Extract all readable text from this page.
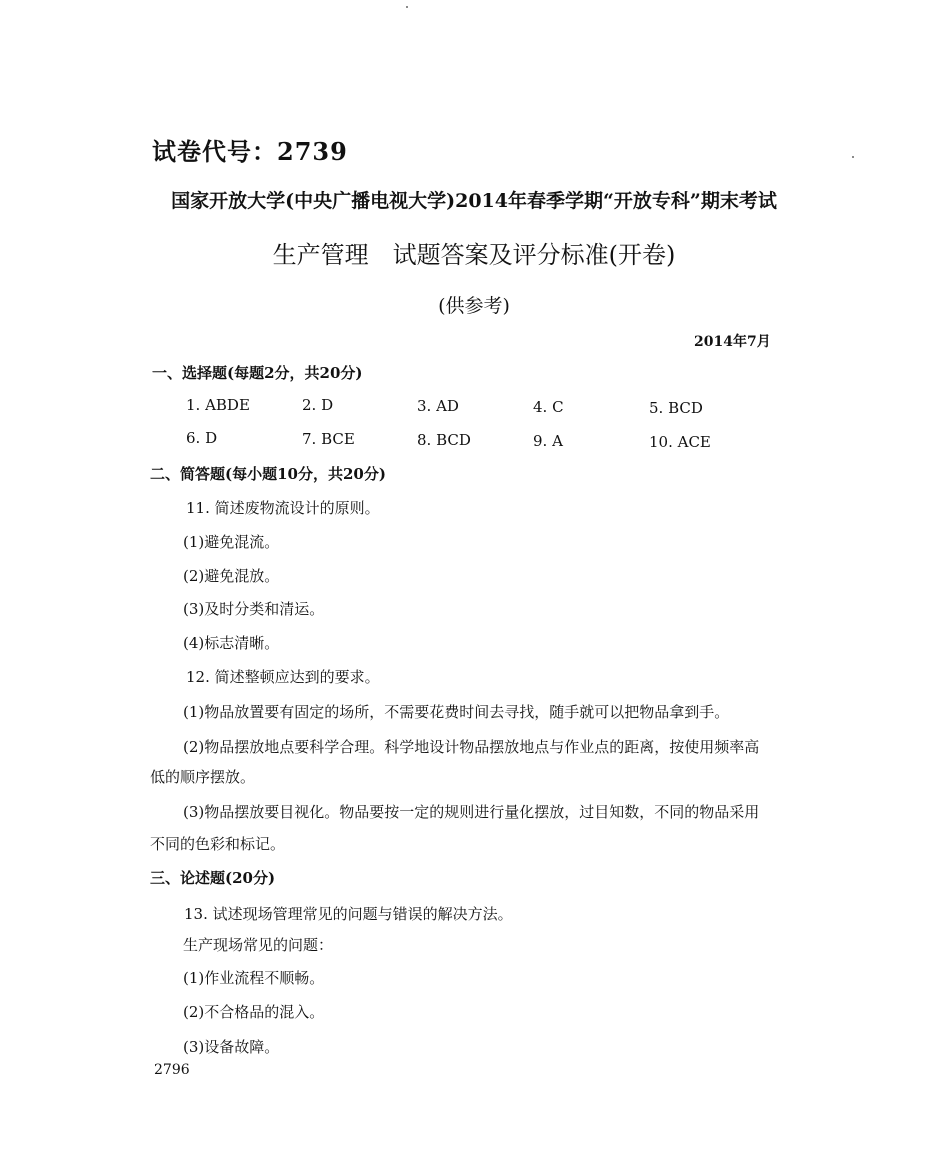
试卷代号：2739
国家开放大学(中央广播电视大学)2014年春季学期“开放专科”期末考试
生产管理　试题答案及评分标准(开卷)
(供参考)
2014年7月
一、选择题(每题2分，共20分)
1. ABDE	2. D	3. AD	4. C	5. BCD
6. D	7. BCE	8. BCD	9. A	10. ACE
二、简答题(每小题10分，共20分)
11. 简述废物流设计的原则。
(1)避免混流。
(2)避免混放。
(3)及时分类和清运。
(4)标志清晰。
12. 简述整顿应达到的要求。
(1)物品放置要有固定的场所，不需要花费时间去寻找，随手就可以把物品拿到手。
(2)物品摆放地点要科学合理。科学地设计物品摆放地点与作业点的距离，按使用频率高
低的顺序摆放。
(3)物品摆放要目视化。物品要按一定的规则进行量化摆放，过目知数，不同的物品采用
不同的色彩和标记。
三、论述题(20分)
13. 试述现场管理常见的问题与错误的解决方法。
生产现场常见的问题：
(1)作业流程不顺畅。
(2)不合格品的混入。
(3)设备故障。
2796
